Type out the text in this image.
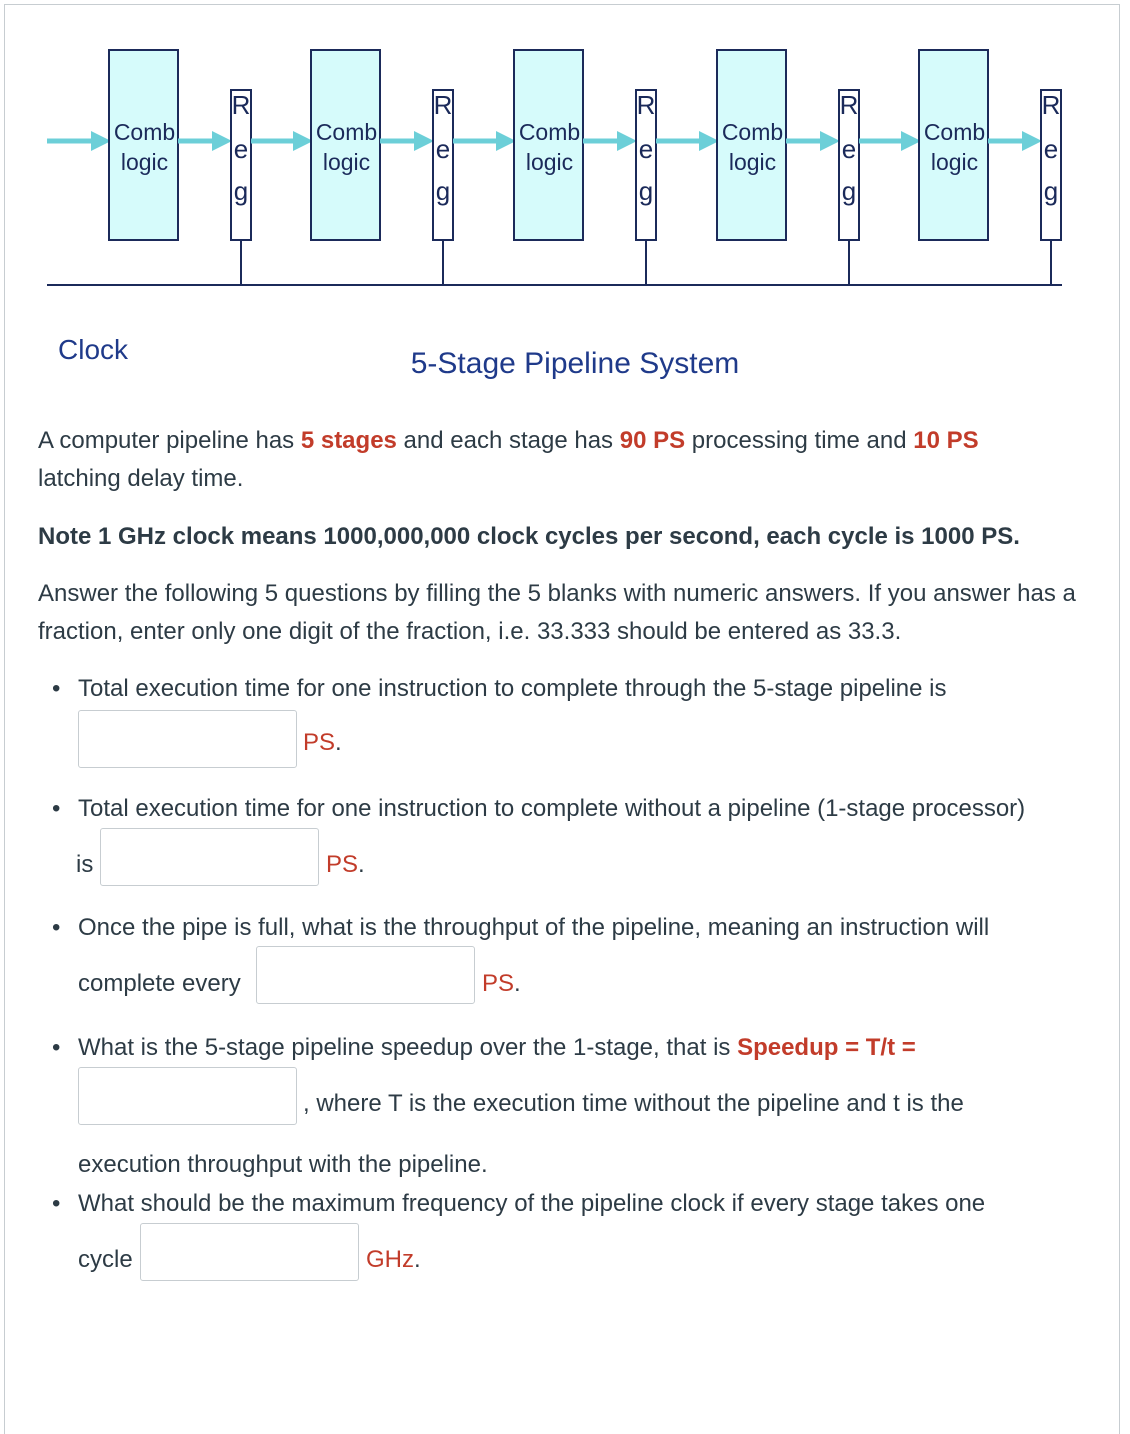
Comb
logic
R
e
g
Comb
logic
R
e
g
Comb
logic
R
e
g
Comb
logic
R
e
g
Comb
logic
R
e
g
Clock	5-Stage Pipeline System

A computer pipeline has 5 stages and each stage has 90 PS processing time and 10 PS latching delay time.

Note 1 GHz clock means 1000,000,000 clock cycles per second, each cycle is 1000 PS.

Answer the following 5 questions by filling the 5 blanks with numeric answers. If you answer has a fraction, enter only one digit of the fraction, i.e. 33.333 should be entered as 33.3.

• Total execution time for one instruction to complete through the 5-stage pipeline is
PS.
• Total execution time for one instruction to complete without a pipeline (1-stage processor)
is	PS.
• Once the pipe is full, what is the throughput of the pipeline, meaning an instruction will
complete every	PS.
• What is the 5-stage pipeline speedup over the 1-stage, that is Speedup = T/t =
, where T is the execution time without the pipeline and t is the
execution throughput with the pipeline.
• What should be the maximum frequency of the pipeline clock if every stage takes one
cycle	GHz.
